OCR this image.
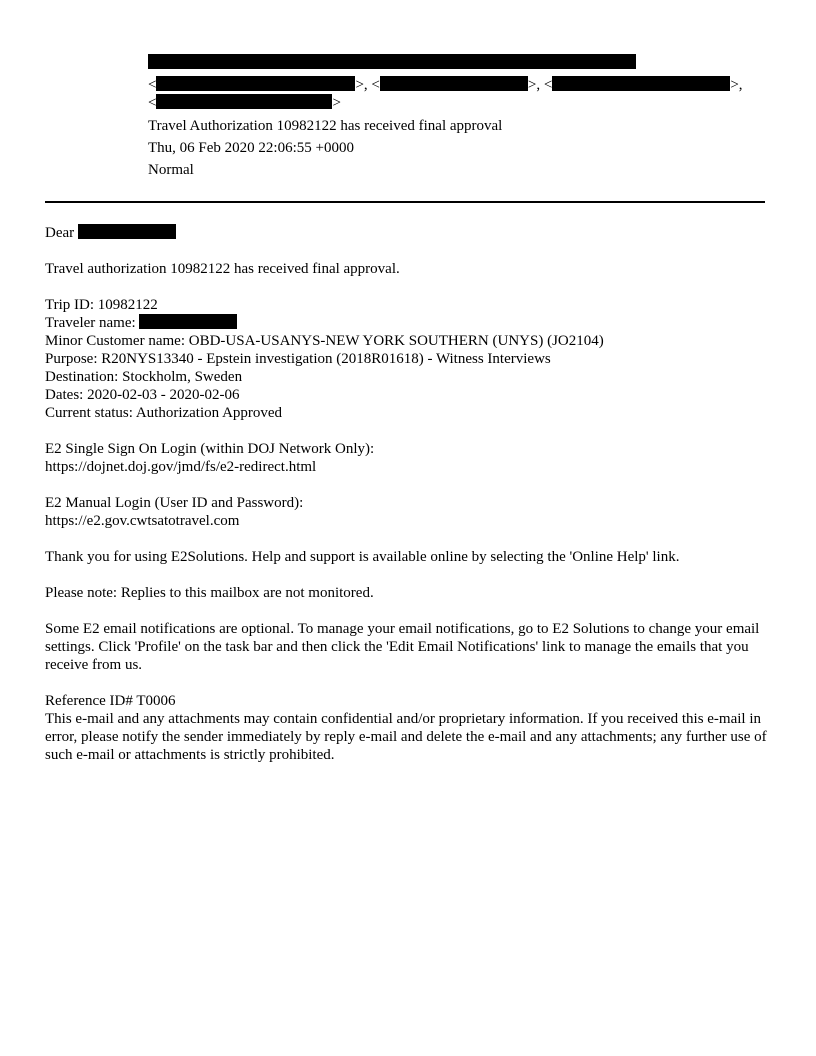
<	>, <	>, <	>,
<	>
Travel Authorization 10982122 has received final approval
Thu, 06 Feb 2020 22:06:55 +0000
Normal

Dear

Travel authorization 10982122 has received final approval.

Trip ID: 10982122

Traveler name:

Minor Customer name: OBD-USA-USANYS-NEW YORK SOUTHERN (UNYS) (JO2104)

Purpose: R20NYS13340 - Epstein investigation (2018R01618) - Witness Interviews

Destination: Stockholm, Sweden

Dates: 2020-02-03 - 2020-02-06

Current status: Authorization Approved

E2 Single Sign On Login (within DOJ Network Only):

https://dojnet.doj.gov/jmd/fs/e2-redirect.html

E2 Manual Login (User ID and Password):

https://e2.gov.cwtsatotravel.com

Thank you for using E2Solutions. Help and support is available online by selecting the 'Online Help' link.

Please note: Replies to this mailbox are not monitored.

Some E2 email notifications are optional. To manage your email notifications, go to E2 Solutions to change your email settings. Click 'Profile' on the task bar and then click the 'Edit Email Notifications' link to manage the emails that you receive from us.

Reference ID# T0006

This e-mail and any attachments may contain confidential and/or proprietary information. If you received this e-mail in error, please notify the sender immediately by reply e-mail and delete the e-mail and any attachments; any further use of such e-mail or attachments is strictly prohibited.
